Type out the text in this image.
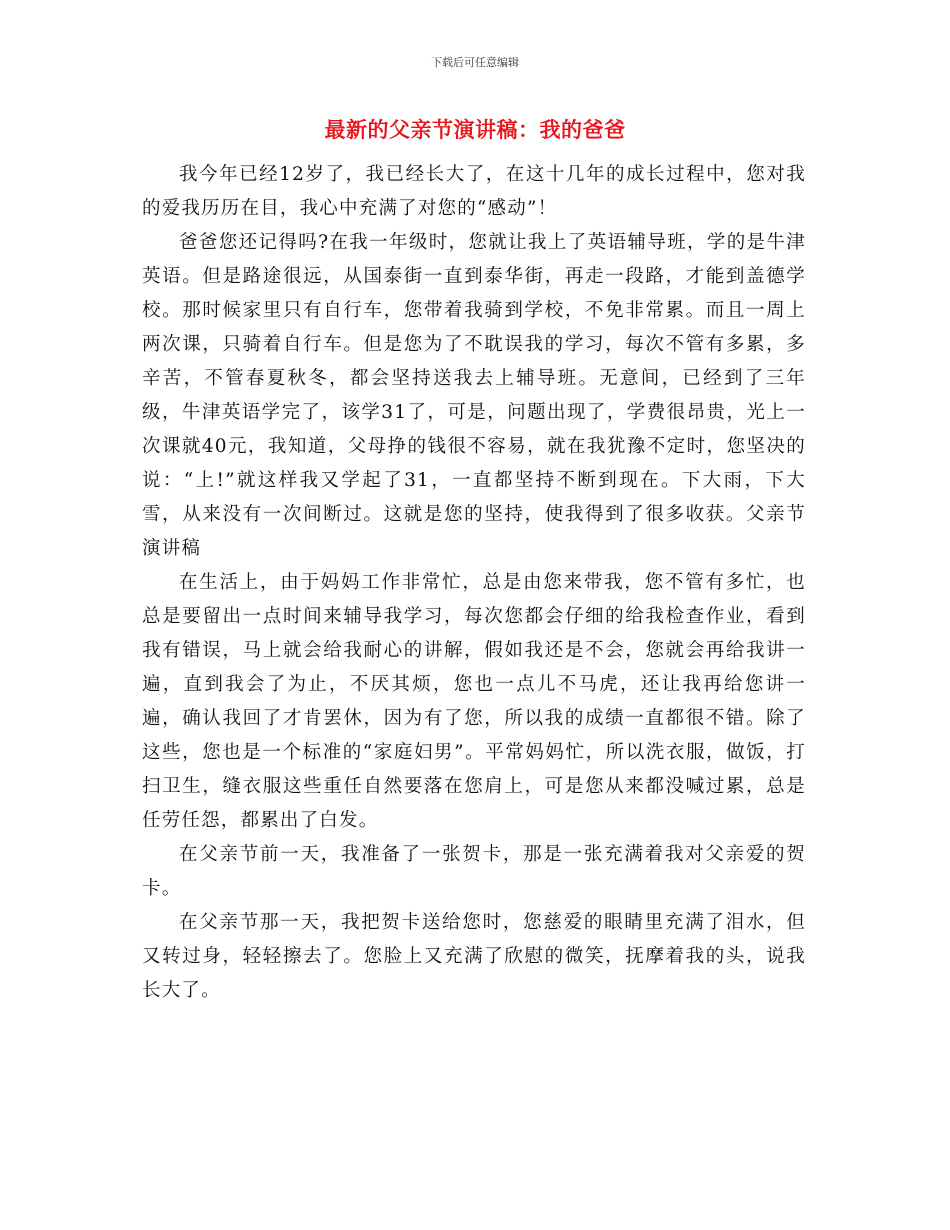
下载后可任意编辑
最新的父亲节演讲稿：我的爸爸

我今年已经12岁了，我已经长大了，在这十几年的成长过程中，您对我的爱我历历在目，我心中充满了对您的“感动”！

爸爸您还记得吗?在我一年级时，您就让我上了英语辅导班，学的是牛津英语。但是路途很远，从国泰街一直到泰华街，再走一段路，才能到盖德学校。那时候家里只有自行车，您带着我骑到学校，不免非常累。而且一周上两次课，只骑着自行车。但是您为了不耽误我的学习，每次不管有多累，多辛苦，不管春夏秋冬，都会坚持送我去上辅导班。无意间，已经到了三年级，牛津英语学完了，该学31了，可是，问题出现了，学费很昂贵，光上一次课就40元，我知道，父母挣的钱很不容易，就在我犹豫不定时，您坚决的说：“上!”就这样我又学起了31，一直都坚持不断到现在。下大雨，下大雪，从来没有一次间断过。这就是您的坚持，使我得到了很多收获。父亲节演讲稿

在生活上，由于妈妈工作非常忙，总是由您来带我，您不管有多忙，也总是要留出一点时间来辅导我学习，每次您都会仔细的给我检查作业，看到我有错误，马上就会给我耐心的讲解，假如我还是不会，您就会再给我讲一遍，直到我会了为止，不厌其烦，您也一点儿不马虎，还让我再给您讲一遍，确认我回了才肯罢休，因为有了您，所以我的成绩一直都很不错。除了这些，您也是一个标准的“家庭妇男”。平常妈妈忙，所以洗衣服，做饭，打扫卫生，缝衣服这些重任自然要落在您肩上，可是您从来都没喊过累，总是任劳任怨，都累出了白发。

在父亲节前一天，我准备了一张贺卡，那是一张充满着我对父亲爱的贺卡。

在父亲节那一天，我把贺卡送给您时，您慈爱的眼睛里充满了泪水，但又转过身，轻轻擦去了。您脸上又充满了欣慰的微笑，抚摩着我的头，说我长大了。
